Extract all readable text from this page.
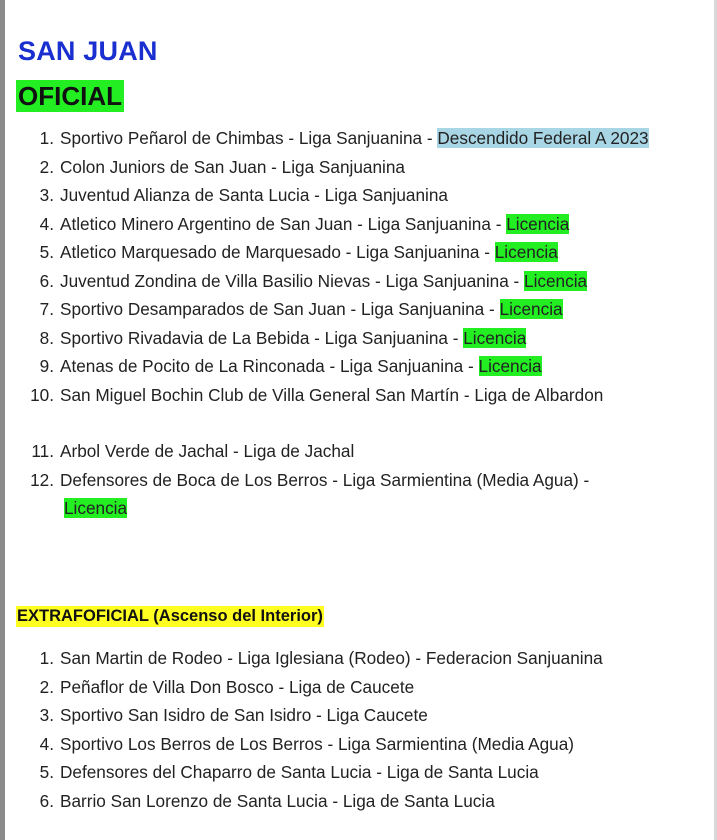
SAN JUAN
OFICIAL
1. Sportivo Peñarol de Chimbas - Liga Sanjuanina - Descendido Federal A 2023
2. Colon Juniors de San Juan - Liga Sanjuanina
3. Juventud Alianza de Santa Lucia - Liga Sanjuanina
4. Atletico Minero Argentino de San Juan - Liga Sanjuanina - Licencia
5. Atletico Marquesado de Marquesado - Liga Sanjuanina - Licencia
6. Juventud Zondina de Villa Basilio Nievas - Liga Sanjuanina - Licencia
7. Sportivo Desamparados de San Juan - Liga Sanjuanina - Licencia
8. Sportivo Rivadavia de La Bebida - Liga Sanjuanina - Licencia
9. Atenas de Pocito de La Rinconada - Liga Sanjuanina - Licencia
10. San Miguel Bochin Club de Villa General San Martín - Liga de Albardon
11. Arbol Verde de Jachal - Liga de Jachal
12. Defensores de Boca de Los Berros - Liga Sarmientina (Media Agua) - Licencia
EXTRAFOFICIAL (Ascenso del Interior)
1. San Martin de Rodeo - Liga Iglesiana (Rodeo) - Federacion Sanjuanina
2. Peñaflor de Villa Don Bosco - Liga de Caucete
3. Sportivo San Isidro de San Isidro - Liga Caucete
4. Sportivo Los Berros de Los Berros - Liga Sarmientina (Media Agua)
5. Defensores del Chaparro de Santa Lucia - Liga de Santa Lucia
6. Barrio San Lorenzo de Santa Lucia - Liga de Santa Lucia
